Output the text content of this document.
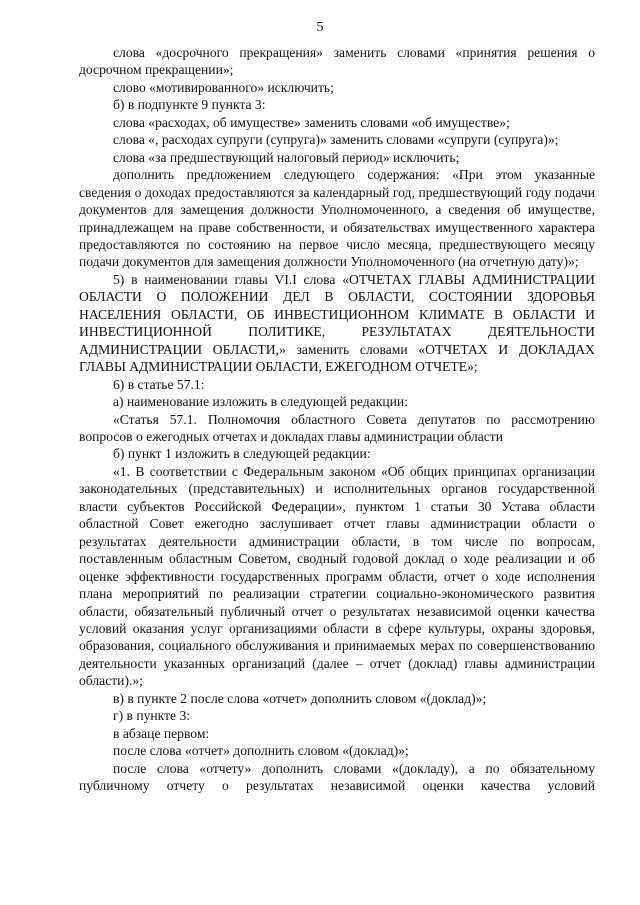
5

слова «досрочного прекращения» заменить словами «принятия решения о досрочном прекращении»;

слово «мотивированного» исключить;

б) в подпункте 9 пункта 3:

слова «расходах, об имуществе» заменить словами «об имуществе»;

слова «, расходах супруги (супруга)» заменить словами «супруги (супруга)»;

слова «за предшествующий налоговый период» исключить;

дополнить предложением следующего содержания: «При этом указанные сведения о доходах предоставляются за календарный год, предшествующий году подачи документов для замещения должности Уполномоченного, а сведения об имуществе, принадлежащем на праве собственности, и обязательствах имущественного характера предоставляются по состоянию на первое число месяца, предшествующего месяцу подачи документов для замещения должности Уполномоченного (на отчетную дату)»;

5) в наименовании главы VI.I слова «ОТЧЕТАХ ГЛАВЫ АДМИНИСТРАЦИИ ОБЛАСТИ О ПОЛОЖЕНИИ ДЕЛ В ОБЛАСТИ, СОСТОЯНИИ ЗДОРОВЬЯ НАСЕЛЕНИЯ ОБЛАСТИ, ОБ ИНВЕСТИЦИОННОМ КЛИМАТЕ В ОБЛАСТИ И ИНВЕСТИЦИОННОЙ ПОЛИТИКЕ, РЕЗУЛЬТАТАХ ДЕЯТЕЛЬНОСТИ АДМИНИСТРАЦИИ ОБЛАСТИ,» заменить словами «ОТЧЕТАХ И ДОКЛАДАХ ГЛАВЫ АДМИНИСТРАЦИИ ОБЛАСТИ, ЕЖЕГОДНОМ ОТЧЕТЕ»;

6) в статье 57.1:

а) наименование изложить в следующей редакции:

«Статья 57.1. Полномочия областного Совета депутатов по рассмотрению вопросов о ежегодных отчетах и докладах главы администрации области

б) пункт 1 изложить в следующей редакции:

«1. В соответствии с Федеральным законом «Об общих принципах организации законодательных (представительных) и исполнительных органов государственной власти субъектов Российской Федерации», пунктом 1 статьи 30 Устава области областной Совет ежегодно заслушивает отчет главы администрации области о результатах деятельности администрации области, в том числе по вопросам, поставленным областным Советом, сводный годовой доклад о ходе реализации и об оценке эффективности государственных программ области, отчет о ходе исполнения плана мероприятий по реализации стратегии социально-экономического развития области, обязательный публичный отчет о результатах независимой оценки качества условий оказания услуг организациями области в сфере культуры, охраны здоровья, образования, социального обслуживания и принимаемых мерах по совершенствованию деятельности указанных организаций (далее – отчет (доклад) главы администрации области).»;

в) в пункте 2 после слова «отчет» дополнить словом «(доклад)»;

г) в пункте 3:

в абзаце первом:

после слова «отчет» дополнить словом «(доклад)»;

после слова «отчету» дополнить словами «(докладу), а по обязательному публичному отчету о результатах независимой оценки качества условий
